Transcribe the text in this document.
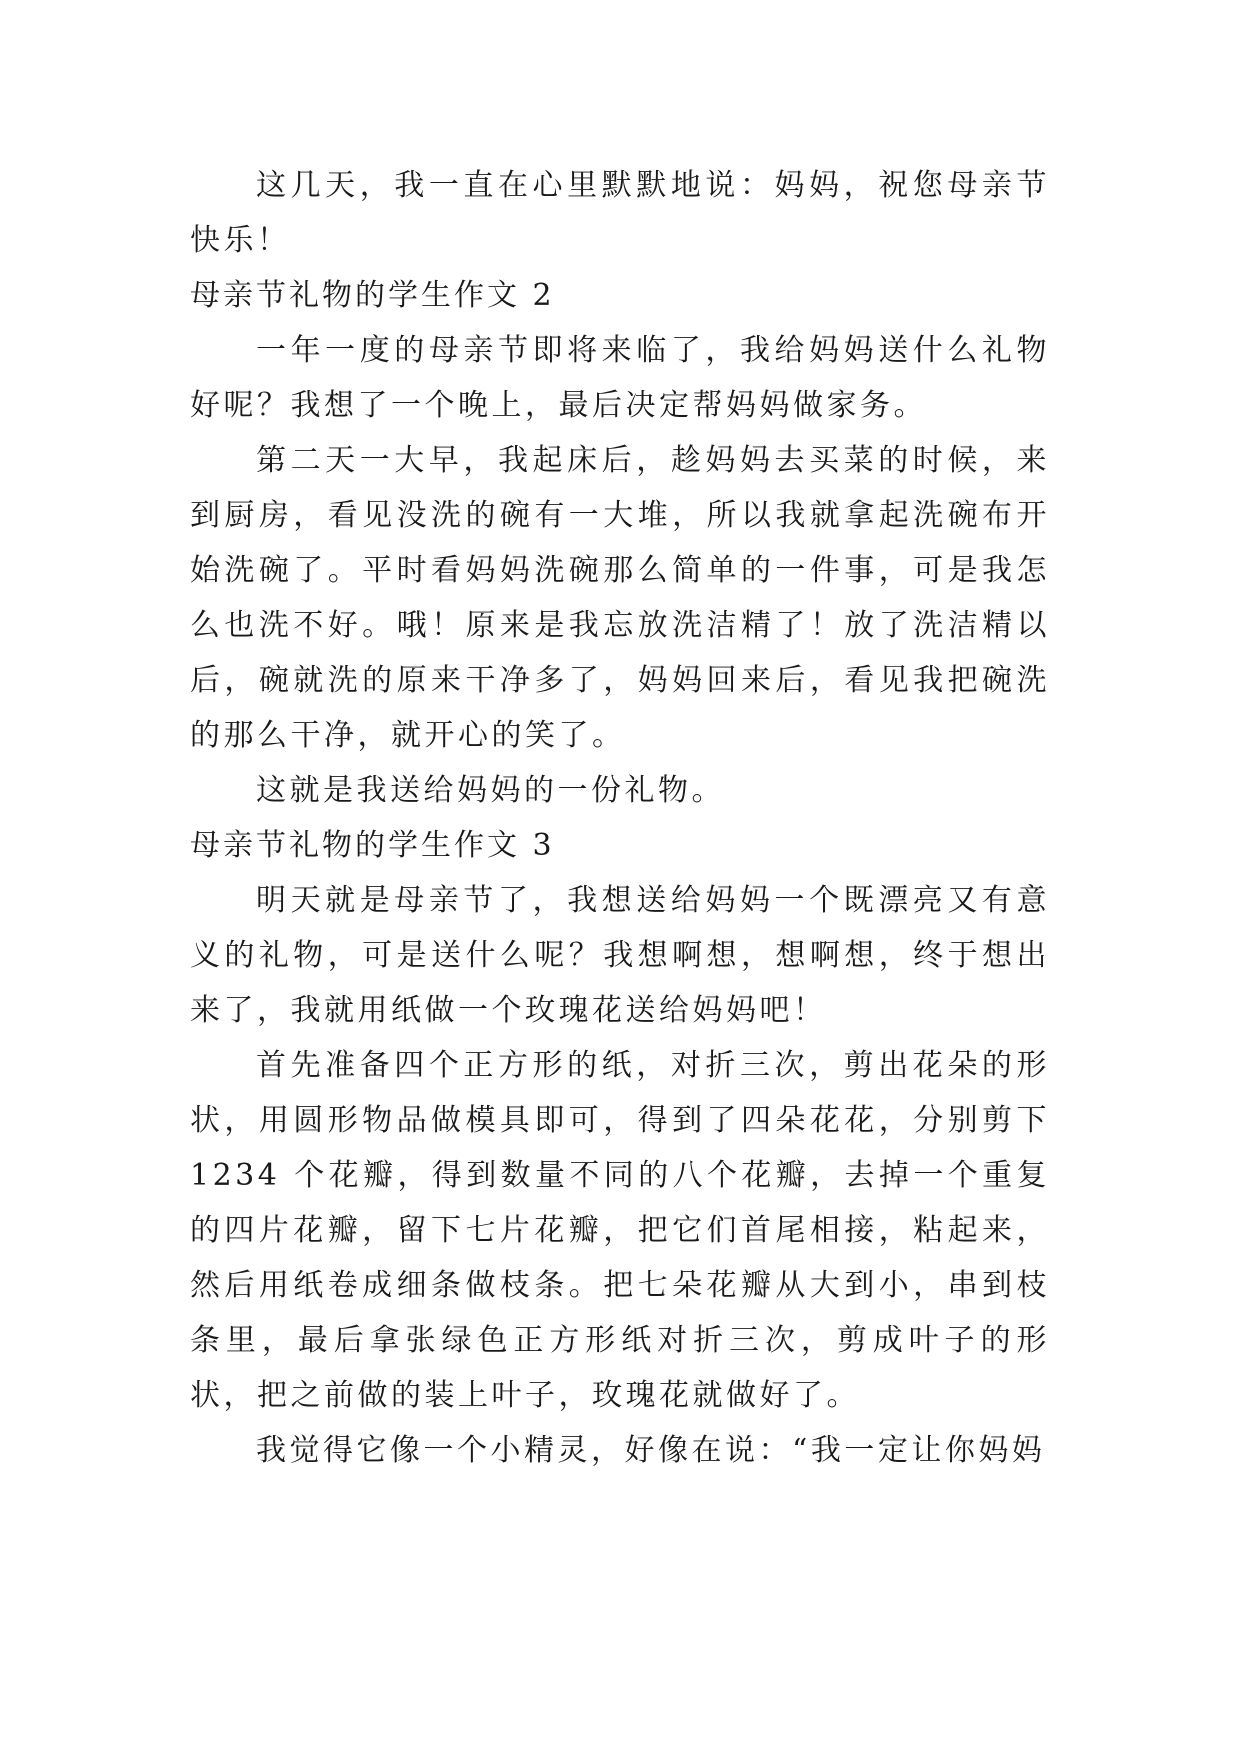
这几天，我一直在心里默默地说：妈妈，祝您母亲节快乐！

母亲节礼物的学生作文 2

一年一度的母亲节即将来临了，我给妈妈送什么礼物好呢？我想了一个晚上，最后决定帮妈妈做家务。

第二天一大早，我起床后，趁妈妈去买菜的时候，来到厨房，看见没洗的碗有一大堆，所以我就拿起洗碗布开始洗碗了。平时看妈妈洗碗那么简单的一件事，可是我怎么也洗不好。哦！原来是我忘放洗洁精了！放了洗洁精以后，碗就洗的原来干净多了，妈妈回来后，看见我把碗洗的那么干净，就开心的笑了。

这就是我送给妈妈的一份礼物。

母亲节礼物的学生作文 3

明天就是母亲节了，我想送给妈妈一个既漂亮又有意义的礼物，可是送什么呢？我想啊想，想啊想，终于想出来了，我就用纸做一个玫瑰花送给妈妈吧！

首先准备四个正方形的纸，对折三次，剪出花朵的形状，用圆形物品做模具即可，得到了四朵花花，分别剪下 1234 个花瓣，得到数量不同的八个花瓣，去掉一个重复的四片花瓣，留下七片花瓣，把它们首尾相接，粘起来，然后用纸卷成细条做枝条。把七朵花瓣从大到小，串到枝条里，最后拿张绿色正方形纸对折三次，剪成叶子的形状，把之前做的装上叶子，玫瑰花就做好了。

我觉得它像一个小精灵，好像在说：“我一定让你妈妈
